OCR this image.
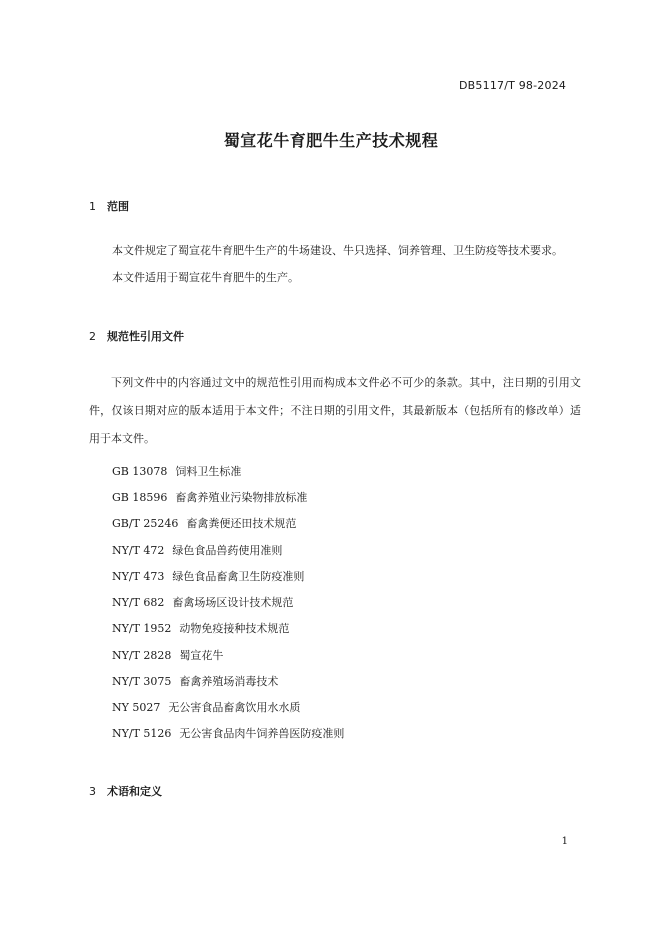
DB5117/T 98-2024
蜀宣花牛育肥牛生产技术规程
1 范围
本文件规定了蜀宣花牛育肥牛生产的牛场建设、牛只选择、饲养管理、卫生防疫等技术要求。
本文件适用于蜀宣花牛育肥牛的生产。
2 规范性引用文件
下列文件中的内容通过文中的规范性引用而构成本文件必不可少的条款。其中，注日期的引用文件，仅该日期对应的版本适用于本文件；不注日期的引用文件，其最新版本（包括所有的修改单）适用于本文件。
GB 13078 饲料卫生标准
GB 18596 畜禽养殖业污染物排放标准
GB/T 25246 畜禽粪便还田技术规范
NY/T 472 绿色食品兽药使用准则
NY/T 473 绿色食品畜禽卫生防疫准则
NY/T 682 畜禽场场区设计技术规范
NY/T 1952 动物免疫接种技术规范
NY/T 2828 蜀宣花牛
NY/T 3075 畜禽养殖场消毒技术
NY 5027 无公害食品畜禽饮用水水质
NY/T 5126 无公害食品肉牛饲养兽医防疫准则
3 术语和定义
1
